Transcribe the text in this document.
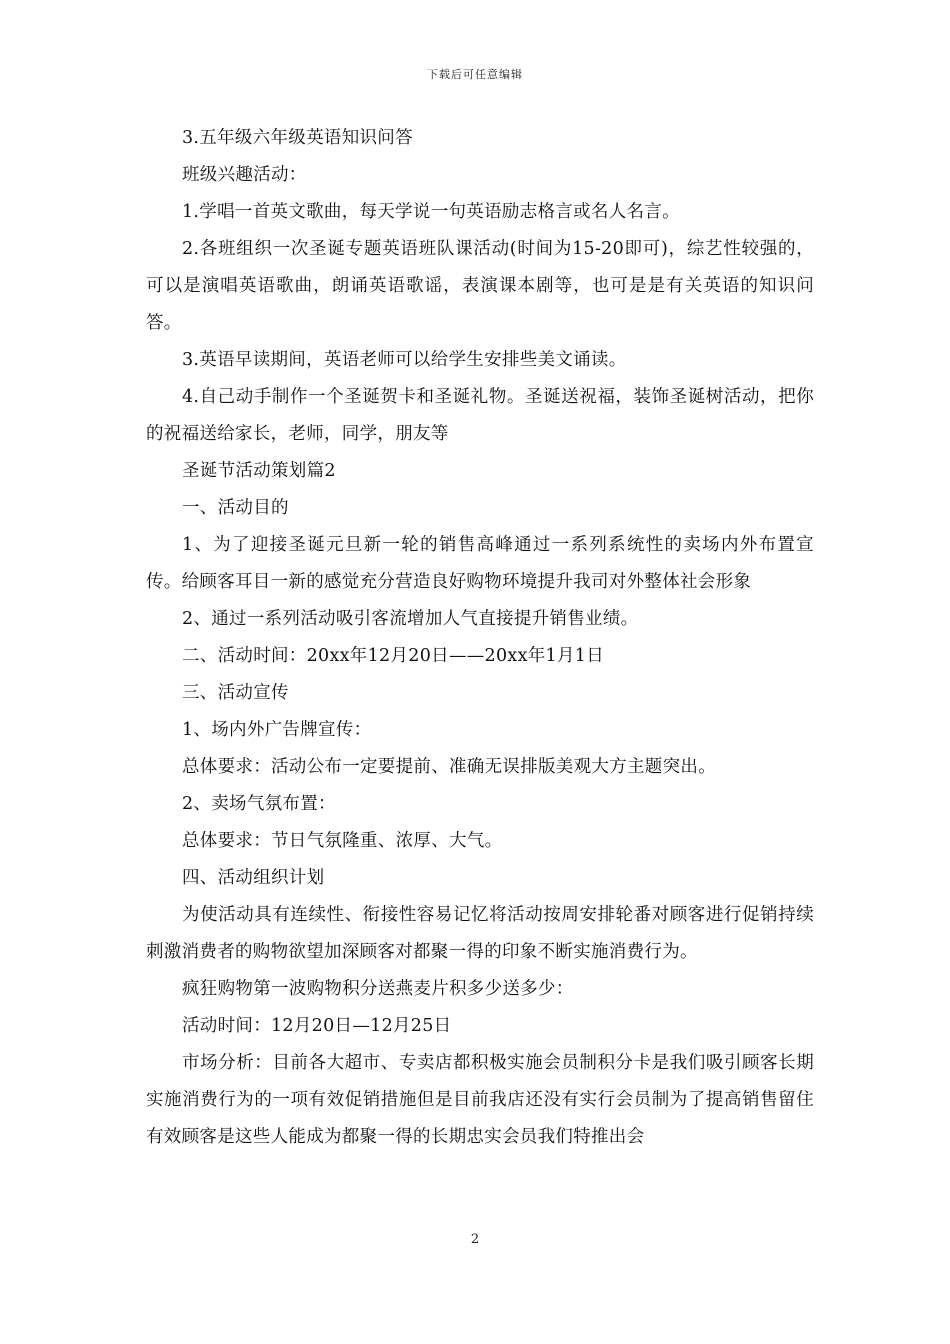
下载后可任意编辑

3.五年级六年级英语知识问答

班级兴趣活动：

1.学唱一首英文歌曲，每天学说一句英语励志格言或名人名言。

2.各班组织一次圣诞专题英语班队课活动(时间为15-20即可)，综艺性较强的，可以是演唱英语歌曲，朗诵英语歌谣，表演课本剧等，也可是是有关英语的知识问答。

3.英语早读期间，英语老师可以给学生安排些美文诵读。

4.自己动手制作一个圣诞贺卡和圣诞礼物。圣诞送祝福，装饰圣诞树活动，把你的祝福送给家长，老师，同学，朋友等

圣诞节活动策划篇2

一、活动目的

1、为了迎接圣诞元旦新一轮的销售高峰通过一系列系统性的卖场内外布置宣传。给顾客耳目一新的感觉充分营造良好购物环境提升我司对外整体社会形象

2、通过一系列活动吸引客流增加人气直接提升销售业绩。

二、活动时间：20xx年12月20日——20xx年1月1日

三、活动宣传

1、场内外广告牌宣传：

总体要求：活动公布一定要提前、准确无误排版美观大方主题突出。

2、卖场气氛布置：

总体要求：节日气氛隆重、浓厚、大气。

四、活动组织计划

为使活动具有连续性、衔接性容易记忆将活动按周安排轮番对顾客进行促销持续刺激消费者的购物欲望加深顾客对都聚一得的印象不断实施消费行为。

疯狂购物第一波购物积分送燕麦片积多少送多少：

活动时间：12月20日—12月25日

市场分析：目前各大超市、专卖店都积极实施会员制积分卡是我们吸引顾客长期实施消费行为的一项有效促销措施但是目前我店还没有实行会员制为了提高销售留住有效顾客是这些人能成为都聚一得的长期忠实会员我们特推出会

2
